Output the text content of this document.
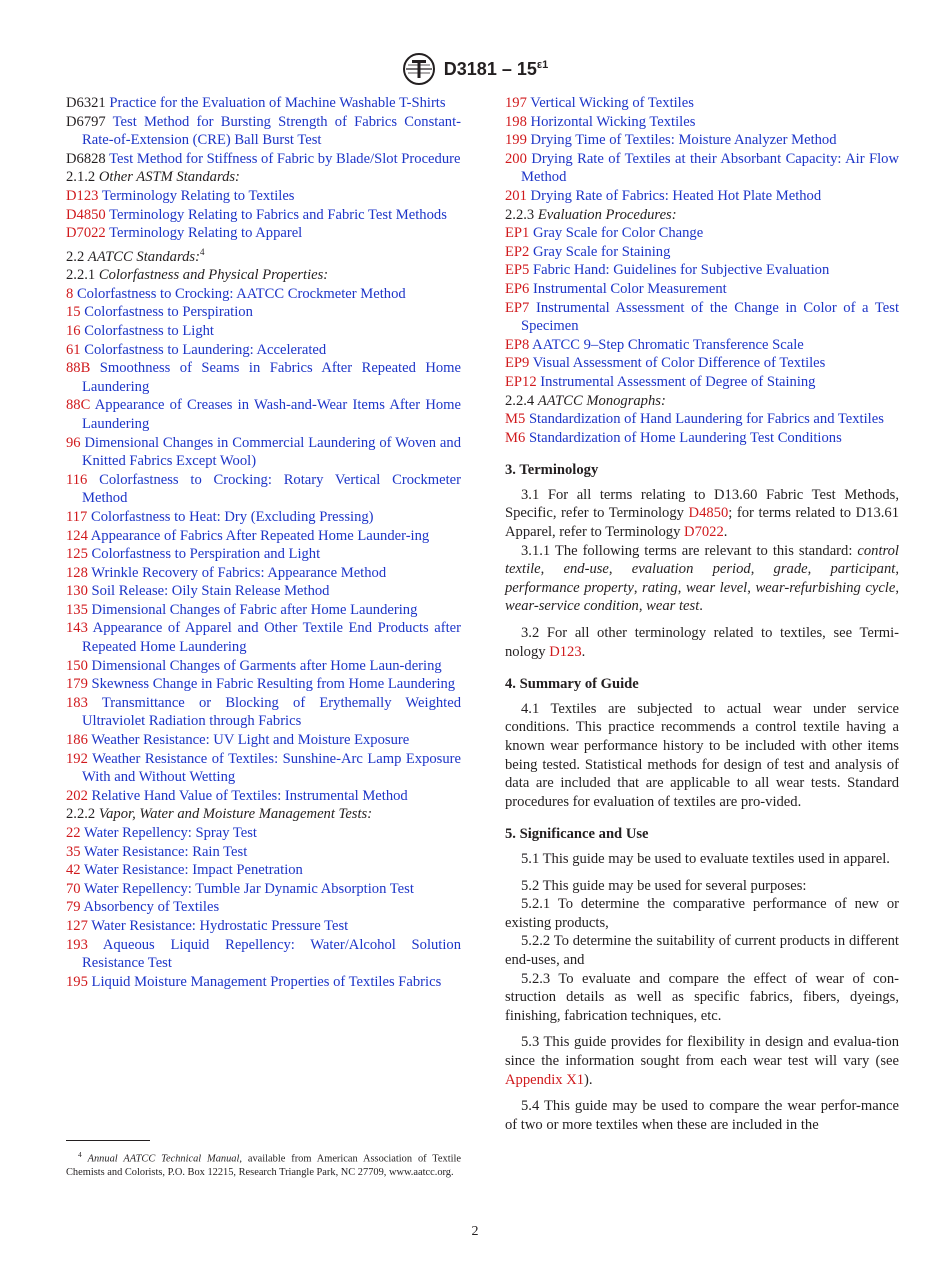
$D3181 - 15^{\varepsilon 1}$
D6321 Practice for the Evaluation of Machine Washable T-Shirts
D6797 Test Method for Bursting Strength of Fabrics Constant-Rate-of-Extension (CRE) Ball Burst Test
D6828 Test Method for Stiffness of Fabric by Blade/Slot Procedure
2.1.2 Other ASTM Standards:
D123 Terminology Relating to Textiles
D4850 Terminology Relating to Fabrics and Fabric Test Methods
D7022 Terminology Relating to Apparel
2.2 AATCC Standards:$^4$
2.2.1 Colorfastness and Physical Properties:
8 Colorfastness to Crocking: AATCC Crockmeter Method
15 Colorfastness to Perspiration
16 Colorfastness to Light
61 Colorfastness to Laundering: Accelerated
88B Smoothness of Seams in Fabrics After Repeated Home Laundering
88C Appearance of Creases in Wash-and-Wear Items After Home Laundering
96 Dimensional Changes in Commercial Laundering of Woven and Knitted Fabrics Except Wool)
116 Colorfastness to Crocking: Rotary Vertical Crockmeter Method
117 Colorfastness to Heat: Dry (Excluding Pressing)
124 Appearance of Fabrics After Repeated Home Launder-ing
125 Colorfastness to Perspiration and Light
128 Wrinkle Recovery of Fabrics: Appearance Method
130 Soil Release: Oily Stain Release Method
135 Dimensional Changes of Fabric after Home Laundering
143 Appearance of Apparel and Other Textile End Products after Repeated Home Laundering
150 Dimensional Changes of Garments after Home Laun-dering
179 Skewness Change in Fabric Resulting from Home Laundering
183 Transmittance or Blocking of Erythemally Weighted Ultraviolet Radiation through Fabrics
186 Weather Resistance: UV Light and Moisture Exposure
192 Weather Resistance of Textiles: Sunshine-Arc Lamp Exposure With and Without Wetting
202 Relative Hand Value of Textiles: Instrumental Method
2.2.2 Vapor, Water and Moisture Management Tests:
22 Water Repellency: Spray Test
35 Water Resistance: Rain Test
42 Water Resistance: Impact Penetration
70 Water Repellency: Tumble Jar Dynamic Absorption Test
79 Absorbency of Textiles
127 Water Resistance: Hydrostatic Pressure Test
193 Aqueous Liquid Repellency: Water/Alcohol Solution Resistance Test
195 Liquid Moisture Management Properties of Textiles Fabrics
197 Vertical Wicking of Textiles
198 Horizontal Wicking Textiles
199 Drying Time of Textiles: Moisture Analyzer Method
200 Drying Rate of Textiles at their Absorbant Capacity: Air Flow Method
201 Drying Rate of Fabrics: Heated Hot Plate Method
2.2.3 Evaluation Procedures:
EP1 Gray Scale for Color Change
EP2 Gray Scale for Staining
EP5 Fabric Hand: Guidelines for Subjective Evaluation
EP6 Instrumental Color Measurement
EP7 Instrumental Assessment of the Change in Color of a Test Specimen
EP8 AATCC 9–Step Chromatic Transference Scale
EP9 Visual Assessment of Color Difference of Textiles
EP12 Instrumental Assessment of Degree of Staining
2.2.4 AATCC Monographs:
M5 Standardization of Hand Laundering for Fabrics and Textiles
M6 Standardization of Home Laundering Test Conditions
3. Terminology
3.1 For all terms relating to D13.60 Fabric Test Methods, Specific, refer to Terminology D4850; for terms related to D13.61 Apparel, refer to Terminology D7022.
3.1.1 The following terms are relevant to this standard: control textile, end-use, evaluation period, grade, participant, performance property, rating, wear level, wear-refurbishing cycle, wear-service condition, wear test.
3.2 For all other terminology related to textiles, see Termi-nology D123.
4. Summary of Guide
4.1 Textiles are subjected to actual wear under service conditions. This practice recommends a control textile having a known wear performance history to be included with other items being tested. Statistical methods for design of test and analysis of data are included that are applicable to all wear tests. Standard procedures for evaluation of textiles are pro-vided.
5. Significance and Use
5.1 This guide may be used to evaluate textiles used in apparel.
5.2 This guide may be used for several purposes:
5.2.1 To determine the comparative performance of new or existing products,
5.2.2 To determine the suitability of current products in different end-uses, and
5.2.3 To evaluate and compare the effect of wear of con-struction details as well as specific fabrics, fibers, dyeings, finishing, fabrication techniques, etc.
5.3 This guide provides for flexibility in design and evalua-tion since the information sought from each wear test will vary (see Appendix X1).
5.4 This guide may be used to compare the wear perfor-mance of two or more textiles when these are included in the
$^4$ Annual AATCC Technical Manual, available from American Association of Textile Chemists and Colorists, P.O. Box 12215, Research Triangle Park, NC 27709, www.aatcc.org.
2
